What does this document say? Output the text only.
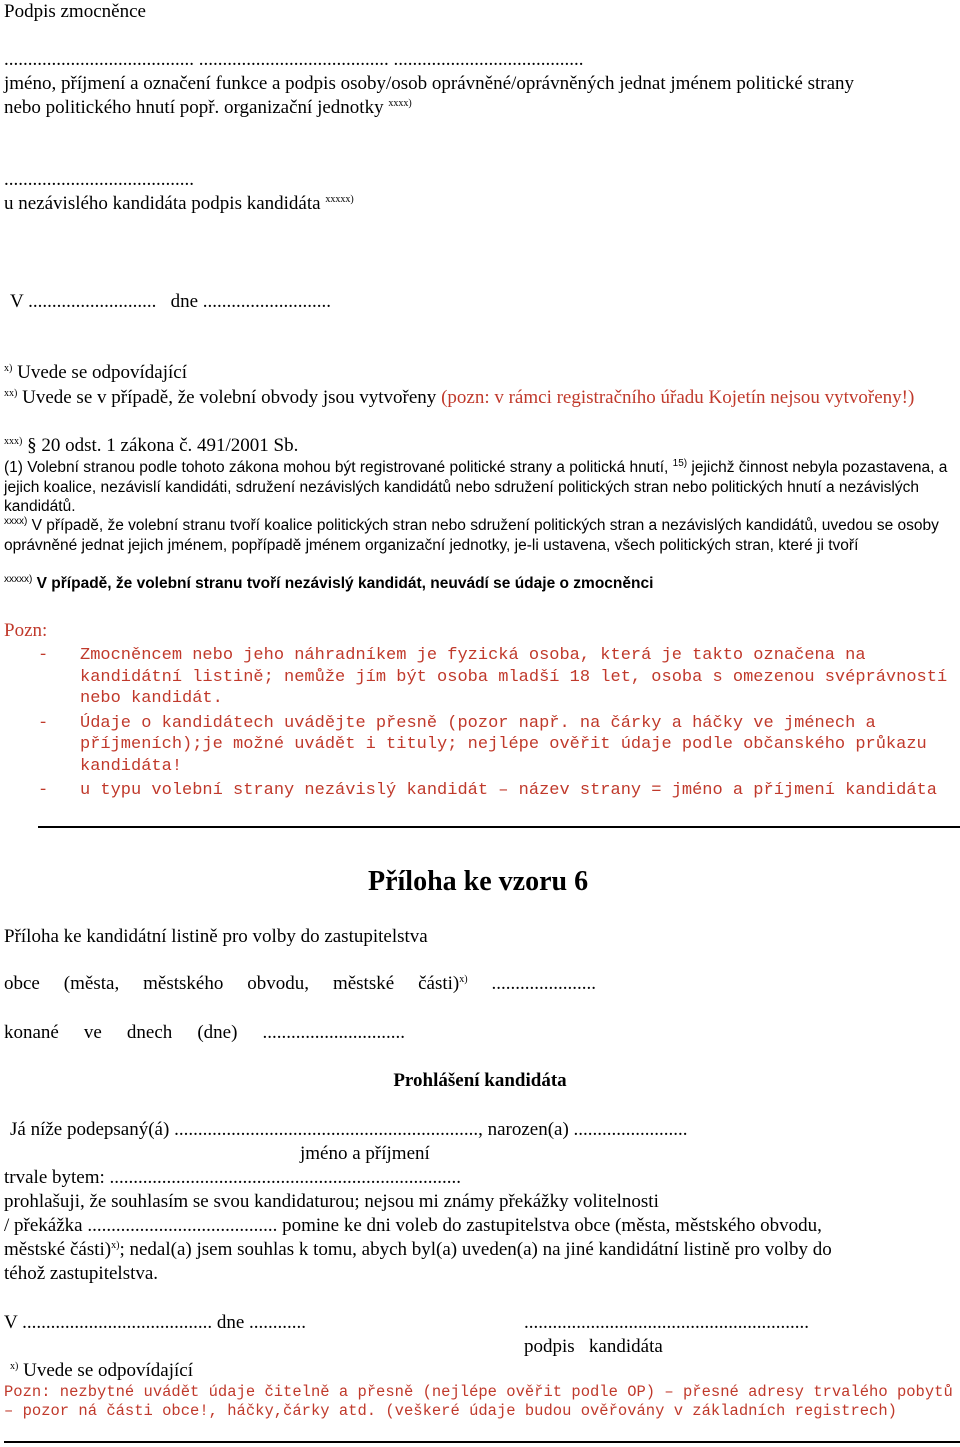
Podpis zmocněnce
........................................ ........................................ ........................................
jméno, příjmení a označení funkce a podpis osoby/osob oprávněné/oprávněných jednat jménem politické strany
nebo politického hnutí popř. organizační jednotky $^{xxxx)}$
........................................
u nezávislého kandidáta podpis kandidáta $^{xxxxx)}$
V ...........................   dne ...........................
$^{x)}$ Uvede se odpovídající
$^{xx)}$ Uvede se v případě, že volební obvody jsou vytvořeny (pozn: v rámci registračního úřadu Kojetín nejsou vytvořeny!)
$^{xxx)}$ § 20 odst. 1 zákona č. 491/2001 Sb.
(1) Volební stranou podle tohoto zákona mohou být registrované politické strany a politická hnutí, $^{15)}$ jejichž činnost nebyla pozastavena, a jejich koalice, nezávislí kandidáti, sdružení nezávislých kandidátů nebo sdružení politických stran nebo politických hnutí a nezávislých kandidátů.
$^{xxxx)}$ V případě, že volební stranu tvoří koalice politických stran nebo sdružení politických stran a nezávislých kandidátů, uvedou se osoby oprávněné jednat jejich jménem, popřípadě jménem organizační jednotky, je-li ustavena, všech politických stran, které ji tvoří
$^{xxxxx)}$ V případě, že volební stranu tvoří nezávislý kandidát, neuvádí se údaje o zmocněnci
Pozn:
-	Zmocněncem nebo jeho náhradníkem je fyzická osoba, která je takto označena na kandidátní listině; nemůže jím být osoba mladší 18 let, osoba s omezenou svéprávností nebo kandidát.
-	Údaje o kandidátech uvádějte přesně (pozor např. na čárky a háčky ve jménech a příjmeních);je možné uvádět i tituly; nejlépe ověřit údaje podle občanského průkazu kandidáta!
-	u typu volební strany nezávislý kandidát – název strany = jméno a příjmení kandidáta
Příloha ke vzoru 6
Příloha ke kandidátní listině pro volby do zastupitelstva
obce (města, městského obvodu, městské části)$^{x)}$ ......................
konané ve dnech (dne) ..............................
Prohlášení kandidáta
Já níže podepsaný(á) ................................................................, narozen(a) ........................
jméno a příjmení
trvale bytem: ..........................................................................
prohlašuji, že souhlasím se svou kandidaturou; nejsou mi známy překážky volitelnosti
/ překážka ........................................ pomine ke dni voleb do zastupitelstva obce (města, městského obvodu,
městské části)$^{x)}$; nedal(a) jsem souhlas k tomu, abych byl(a) uveden(a) na jiné kandidátní listině pro volby do
téhož zastupitelstva.
V ........................................ dne ............	............................................................
podpis   kandidáta
$^{x)}$ Uvede se odpovídající
Pozn: nezbytné uvádět údaje čitelně a přesně (nejlépe ověřit podle OP) – přesné adresy trvalého pobytů – pozor ná části obce!, háčky,čárky atd. (veškeré údaje budou ověřovány v základních registrech)
